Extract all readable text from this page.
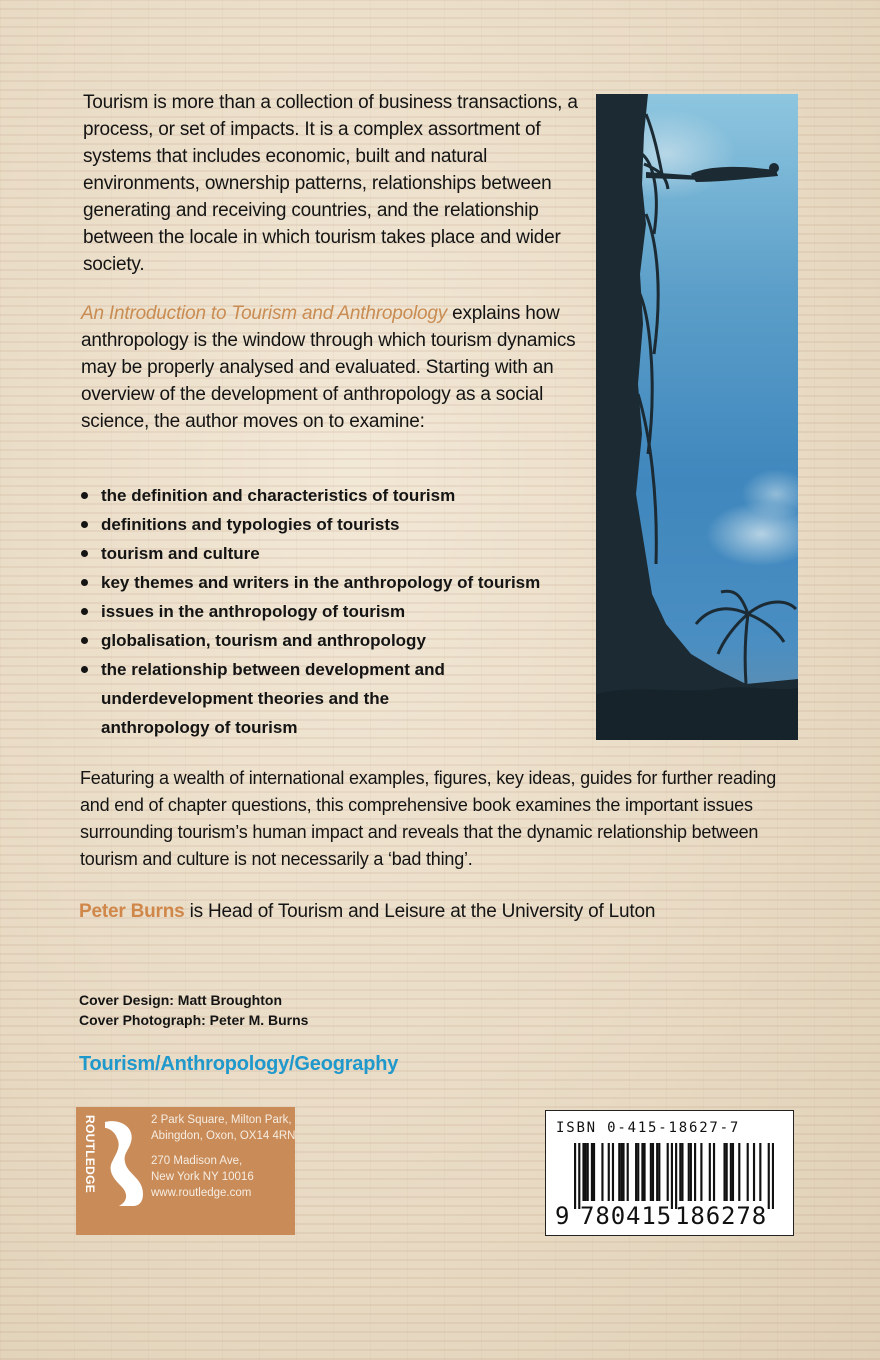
Tourism is more than a collection of business transactions, a process, or set of impacts. It is a complex assortment of systems that includes economic, built and natural environments, ownership patterns, relationships between generating and receiving countries, and the relationship between the locale in which tourism takes place and wider society.

An Introduction to Tourism and Anthropology explains how anthropology is the window through which tourism dynamics may be properly analysed and evaluated. Starting with an overview of the development of anthropology as a social science, the author moves on to examine:

the definition and characteristics of tourism
definitions and typologies of tourists
tourism and culture
key themes and writers in the anthropology of tourism
issues in the anthropology of tourism
globalisation, tourism and anthropology
the relationship between development and underdevelopment theories and the anthropology of tourism

Featuring a wealth of international examples, figures, key ideas, guides for further reading and end of chapter questions, this comprehensive book examines the important issues surrounding tourism’s human impact and reveals that the dynamic relationship between tourism and culture is not necessarily a ‘bad thing’.

Peter Burns is Head of Tourism and Leisure at the University of Luton

Cover Design: Matt Broughton
Cover Photograph: Peter M. Burns
Tourism/Anthropology/Geography
ROUTLEDGE	2 Park Square, Milton Park,
Abingdon, Oxon, OX14 4RN
270 Madison Ave,
New York NY 10016
www.routledge.com
ISBN 0-415-18627-7
9 780415 186278
